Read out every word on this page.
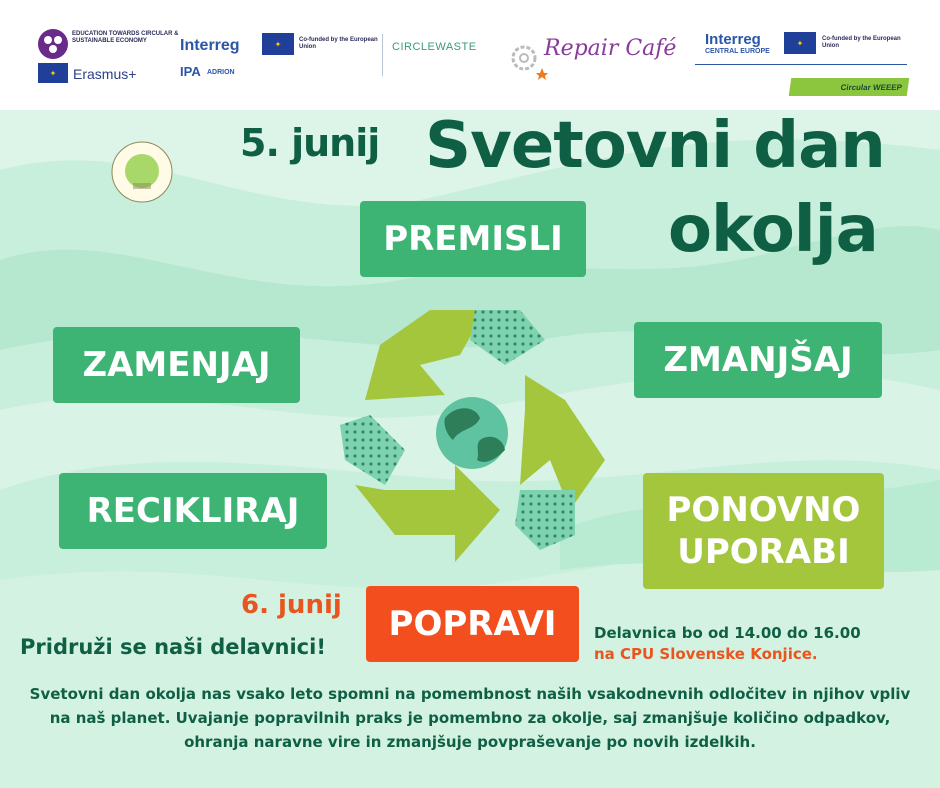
EDUCATION TOWARDS CIRCULAR & SUSTAINABLE ECONOMY
✦	Erasmus+
Interreg	✦	Co-funded by the European Union
IPA ADRION
CIRCLEWASTE	Repair Café Interreg
CENTRAL EUROPE
✦	Co-funded by the European Union
Circular WEEEP
5. junij Svetovni dan
okolja
PREMISLI
ZAMENJAJ	ZMANJŠAJ
RECIKLIRAJ	PONOVNO
UPORABI
POPRAVI
6. junij
Pridruži se naši delavnici!
Delavnica bo od 14.00 do 16.00
na CPU Slovenske Konjice.
Svetovni dan okolja nas vsako leto spomni na pomembnost naših vsakodnevnih odločitev in njihov vpliv na naš planet. Uvajanje popravilnih praks je pomembno za okolje, saj zmanjšuje količino odpadkov, ohranja naravne vire in zmanjšuje povpraševanje po novih izdelkih.
